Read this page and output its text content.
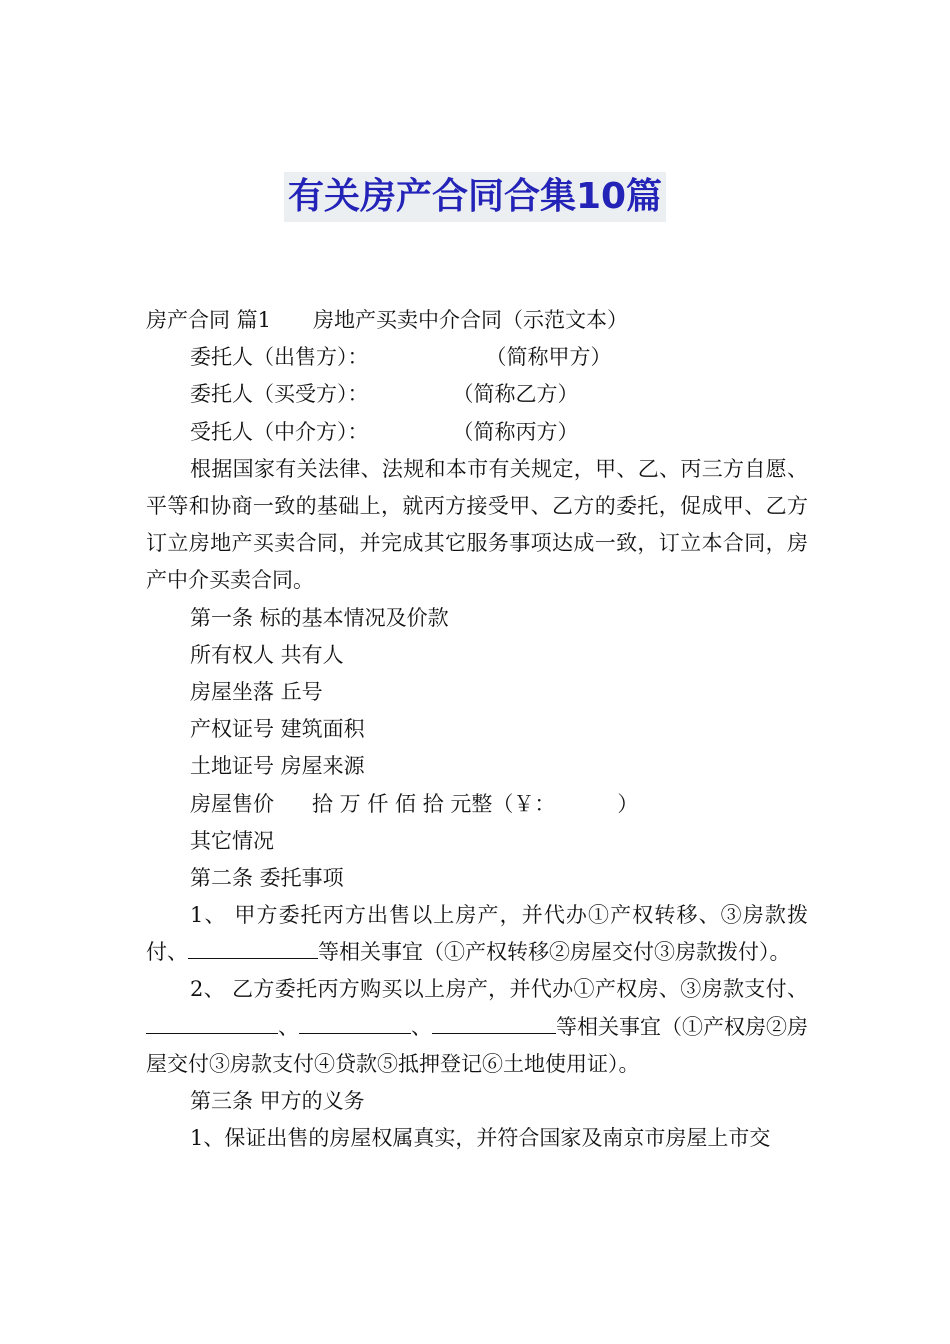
有关房产合同合集10篇
房产合同 篇1 房地产买卖中介合同（示范文本）
委托人（出售方）：	（简称甲方）
委托人（买受方）：	（简称乙方）
受托人（中介方）：	（简称丙方）
根据国家有关法律、法规和本市有关规定，甲、乙、丙三方自愿、平等和协商一致的基础上，就丙方接受甲、乙方的委托，促成甲、乙方订立房地产买卖合同，并完成其它服务事项达成一致，订立本合同，房产中介买卖合同。
第一条 标的基本情况及价款
所有权人 共有人
房屋坐落 丘号
产权证号 建筑面积
土地证号 房屋来源
房屋售价 拾 万 仟 佰 拾 元整（￥：	）
其它情况
第二条 委托事项
1、 甲方委托丙方出售以上房产，并代办①产权转移、③房款拨付、	等相关事宜（①产权转移②房屋交付③房款拨付）。
2、 乙方委托丙方购买以上房产，并代办①产权房、③房款支付、、	、	等相关事宜（①产权房②房屋交付③房款支付④贷款⑤抵押登记⑥土地使用证）。
第三条 甲方的义务
1、保证出售的房屋权属真实，并符合国家及南京市房屋上市交
